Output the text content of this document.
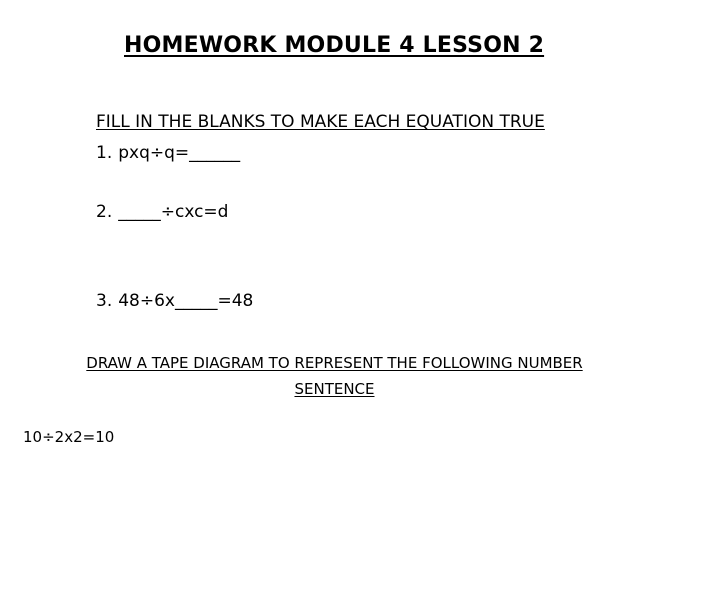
HOMEWORK MODULE 4 LESSON 2
FILL IN THE BLANKS TO MAKE EACH EQUATION TRUE
1. pxq÷q=______
2. _____÷cxc=d
3. 48÷6x_____=48
DRAW A TAPE DIAGRAM TO REPRESENT THE FOLLOWING NUMBER
SENTENCE
10÷2x2=10
